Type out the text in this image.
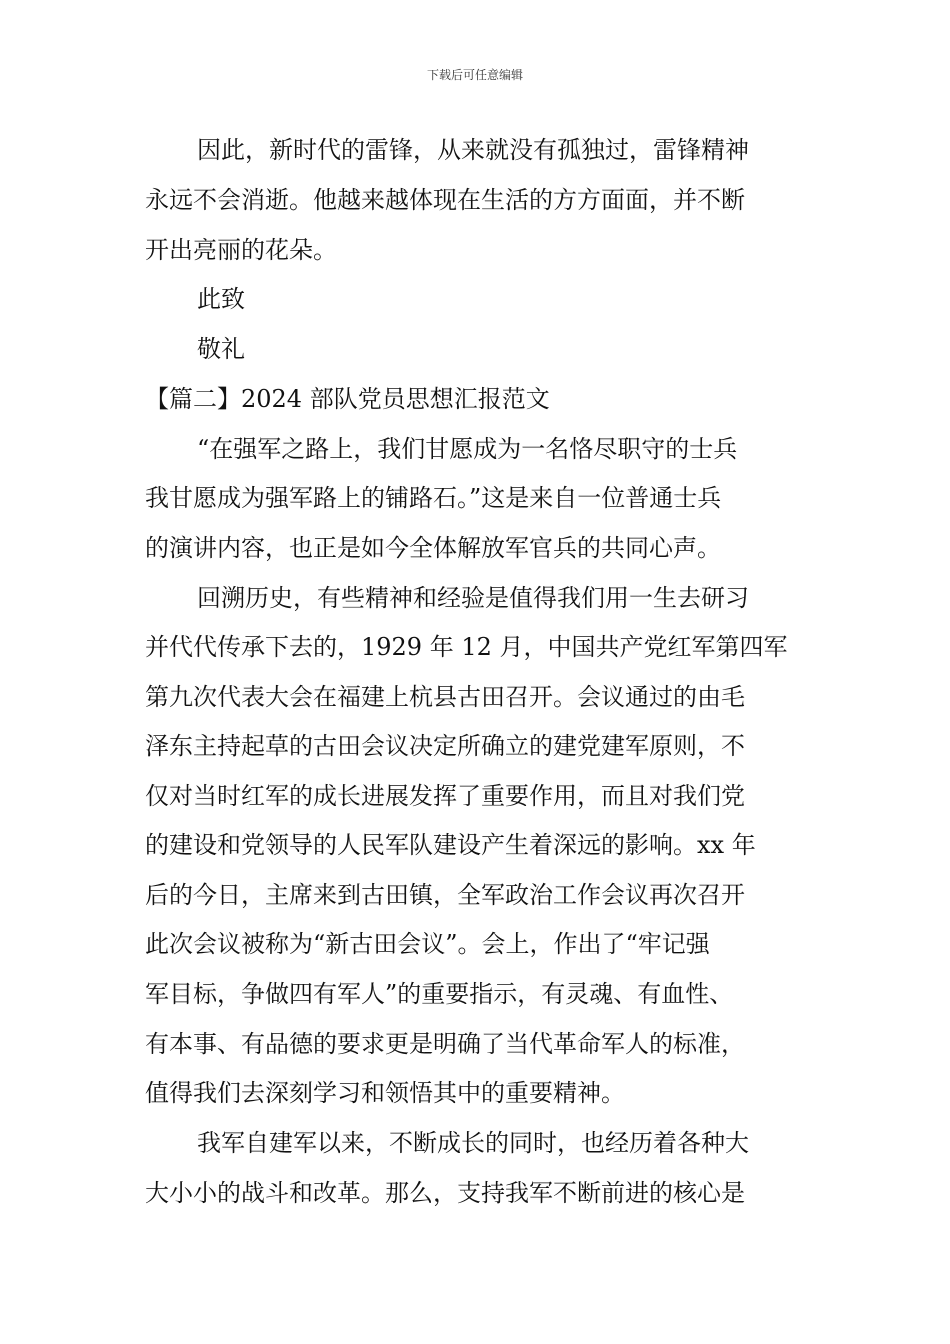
下载后可任意编辑
因此，新时代的雷锋，从来就没有孤独过，雷锋精神
永远不会消逝。他越来越体现在生活的方方面面，并不断
开出亮丽的花朵。
此致
敬礼
【篇二】2024 部队党员思想汇报范文
“在强军之路上，我们甘愿成为一名恪尽职守的士兵
我甘愿成为强军路上的铺路石。”这是来自一位普通士兵
的演讲内容，也正是如今全体解放军官兵的共同心声。
回溯历史，有些精神和经验是值得我们用一生去研习
并代代传承下去的，1929 年 12 月，中国共产党红军第四军
第九次代表大会在福建上杭县古田召开。会议通过的由毛
泽东主持起草的古田会议决定所确立的建党建军原则，不
仅对当时红军的成长进展发挥了重要作用，而且对我们党
的建设和党领导的人民军队建设产生着深远的影响。xx 年
后的今日，主席来到古田镇，全军政治工作会议再次召开
此次会议被称为“新古田会议”。会上，作出了“牢记强
军目标，争做四有军人”的重要指示，有灵魂、有血性、
有本事、有品德的要求更是明确了当代革命军人的标准，
值得我们去深刻学习和领悟其中的重要精神。
我军自建军以来，不断成长的同时，也经历着各种大
大小小的战斗和改革。那么，支持我军不断前进的核心是
